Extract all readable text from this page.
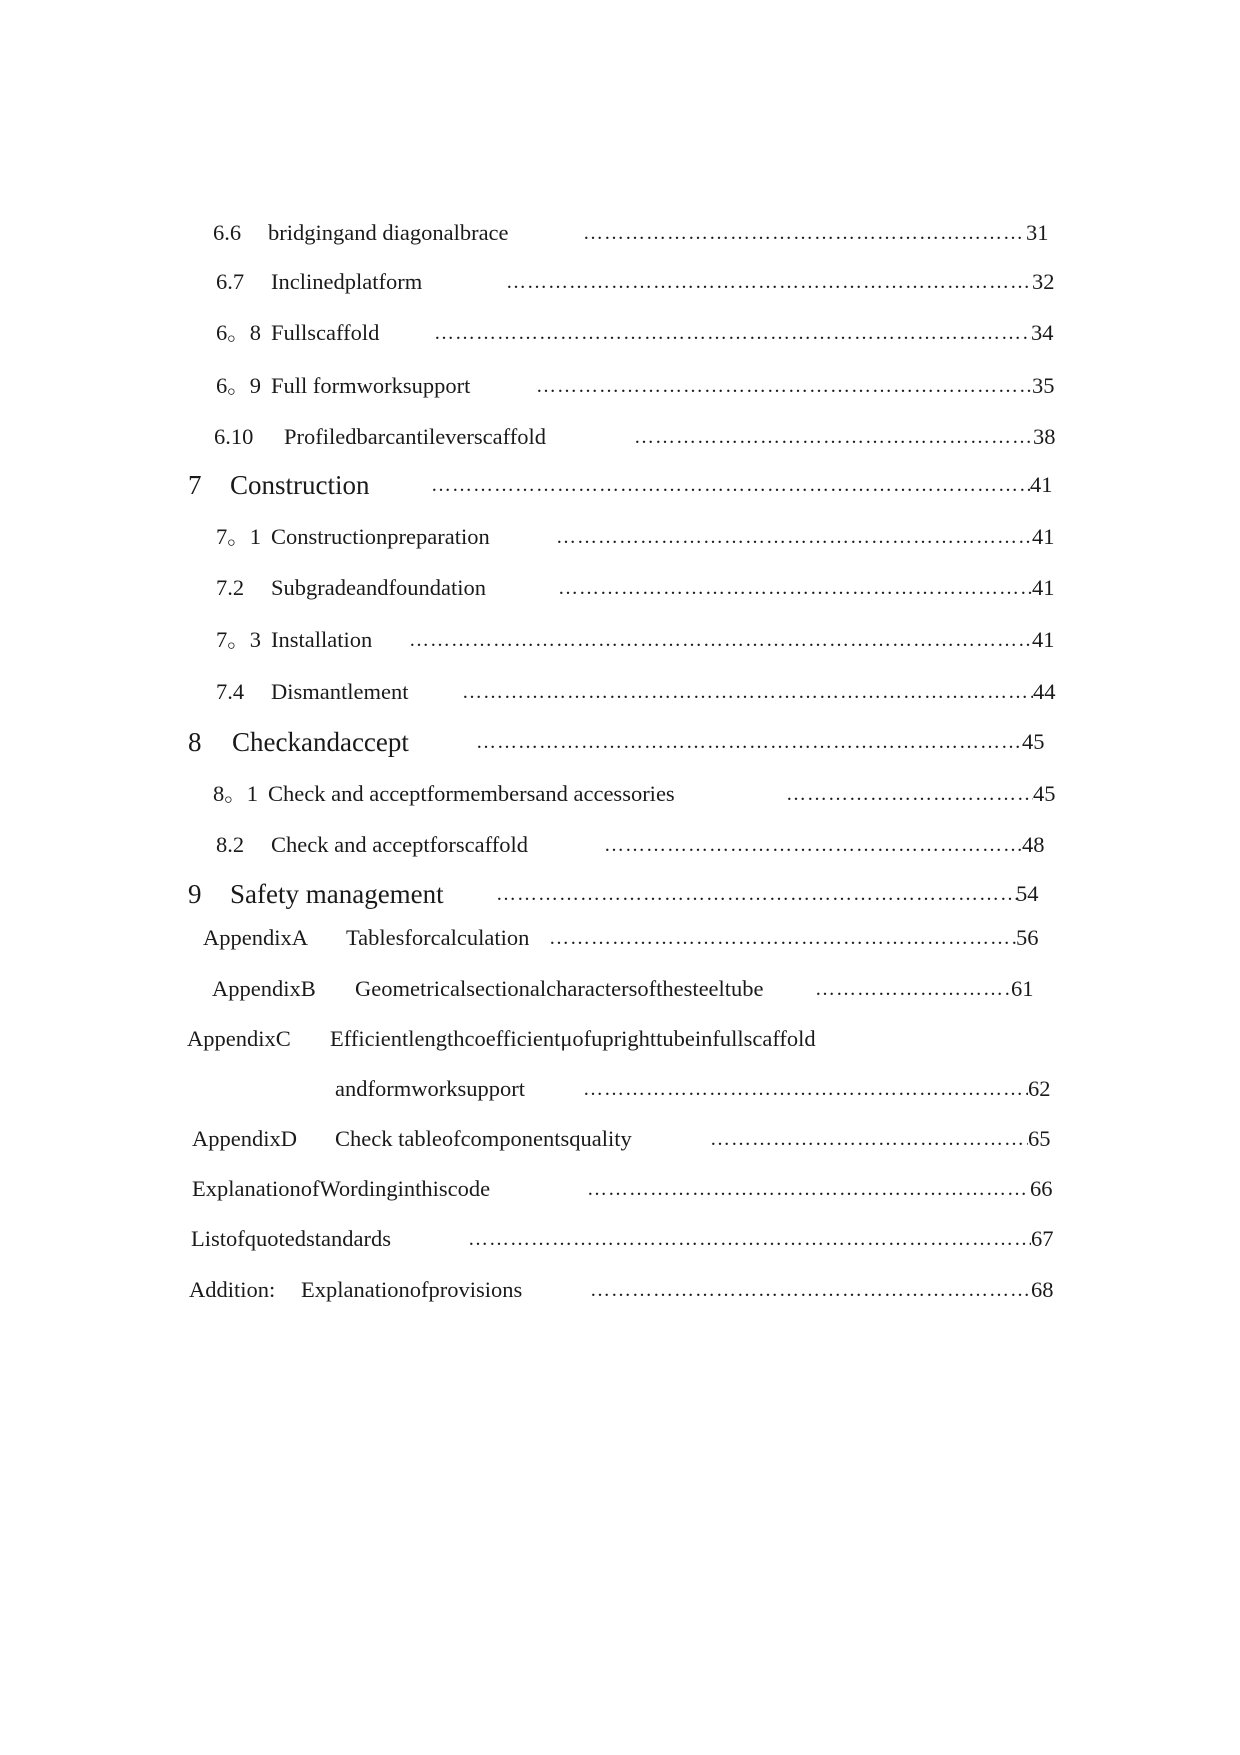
6.6 bridgingand diagonalbrace …………………………………………………………………………………………………………………………………………………………………………	31
6.7 Inclinedplatform …………………………………………………………………………………………………………………………………………………………………………	32
6。8 Fullscaffold …………………………………………………………………………………………………………………………………………………………………………	34
6。9 Full formworksupport …………………………………………………………………………………………………………………………………………………………………………	35
6.10 Profiledbarcantileverscaffold …………………………………………………………………………………………………………………………………………………………………………	38
7 Construction …………………………………………………………………………………………………………………………………………………………………………	41
7。1 Constructionpreparation …………………………………………………………………………………………………………………………………………………………………………	41
7.2 Subgradeandfoundation …………………………………………………………………………………………………………………………………………………………………………	41
7。3 Installation …………………………………………………………………………………………………………………………………………………………………………	41
7.4 Dismantlement …………………………………………………………………………………………………………………………………………………………………………	44
8 Checkandaccept …………………………………………………………………………………………………………………………………………………………………………	45
8。1 Check and acceptformembersand accessories …………………………………………………………………………………………………………………………………………………………………………	45
8.2 Check and acceptforscaffold …………………………………………………………………………………………………………………………………………………………………………	48
9 Safety management …………………………………………………………………………………………………………………………………………………………………………	54
AppendixA Tablesforcalculation …………………………………………………………………………………………………………………………………………………………………………	56
AppendixB Geometricalsectionalcharactersofthesteeltube …………………………………………………………………………………………………………………………………………………………………………	61
AppendixC Efficientlengthcoefficientμofuprighttubeinfullscaffold
andformworksupport …………………………………………………………………………………………………………………………………………………………………………	62
AppendixD Check tableofcomponentsquality …………………………………………………………………………………………………………………………………………………………………………	65
ExplanationofWordinginthiscode …………………………………………………………………………………………………………………………………………………………………………	66
Listofquotedstandards …………………………………………………………………………………………………………………………………………………………………………	67
Addition: Explanationofprovisions …………………………………………………………………………………………………………………………………………………………………………	68
